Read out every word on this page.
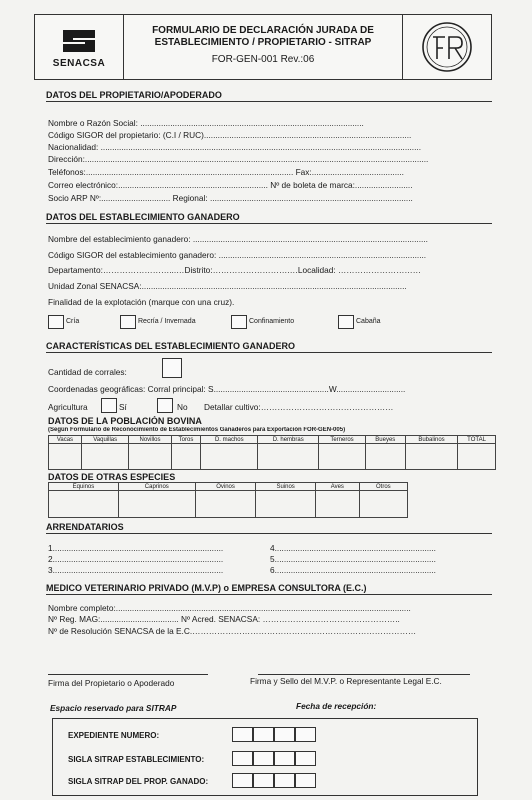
SENACSA
FORMULARIO DE DECLARACIÓN JURADA DE
ESTABLECIMIENTO / PROPIETARIO - SITRAP
FOR-GEN-001 Rev.:06
DATOS DEL PROPIETARIO/APODERADO
Nombre o Razón Social: .................................................................................................
Código SIGOR del propietario: (C.I / RUC)..........................................................................................
Nacionalidad: ...........................................................................................................................................
Dirección:.....................................................................................................................................................
Teléfonos:.......................................................................................... Fax:........................................
Correo electrónico:................................................................. Nº de boleta de marca:.........................
Socio ARP Nº:.............................. Regional: ........................................................................................
DATOS DEL ESTABLECIMIENTO GANADERO
Nombre del establecimiento ganadero: ......................................................................................................
Código SIGOR del establecimiento ganadero: ..........................................................................................
Departamento:……………………...…Distrito:……………………….…Localidad: …………………………
Unidad Zonal SENACSA:...................................................................................................................
Finalidad de la explotación (marque con una cruz).
Cría	Recría / Invernada	Confinamiento	Cabaña
CARACTERÍSTICAS DEL ESTABLECIMIENTO GANADERO
Cantidad de corrales:
Coordenadas geográficas: Corral principal: S..................................................W..............................
Agricultura	Sí	No Detallar cultivo:…………………………………………
DATOS DE LA POBLACIÓN BOVINA
(Según Formulario de Reconocimiento de Establecimientos Ganaderos para Exportación FOR-GEN-005)
Vacas	Vaquillas	Novillos	Toros	D. machos	D. hembras	Terneros	Bueyes	Bubalinos	TOTAL

DATOS DE OTRAS ESPECIES
Equinos	Caprinos	Ovinos	Suinos	Aves	Otros

ARRENDATARIOS
1..........................................................................
2..........................................................................
3..........................................................................
4......................................................................
5......................................................................
6......................................................................
MEDICO VETERINARIO PRIVADO (M.V.P) o EMPRESA CONSULTORA (E.C.)
Nombre completo:................................................................................................................................
Nº Reg. MAG:.................................. Nº Acred. SENACSA: …………………………………………..
Nº de Resolución SENACSA de la E.C.………………………………………………………………………
Firma del Propietario o Apoderado	Firma y Sello del M.V.P. o Representante Legal E.C.
Espacio reservado para SITRAP	Fecha de recepción:
EXPEDIENTE NUMERO:
SIGLA SITRAP ESTABLECIMIENTO:
SIGLA SITRAP DEL PROP. GANADO:
